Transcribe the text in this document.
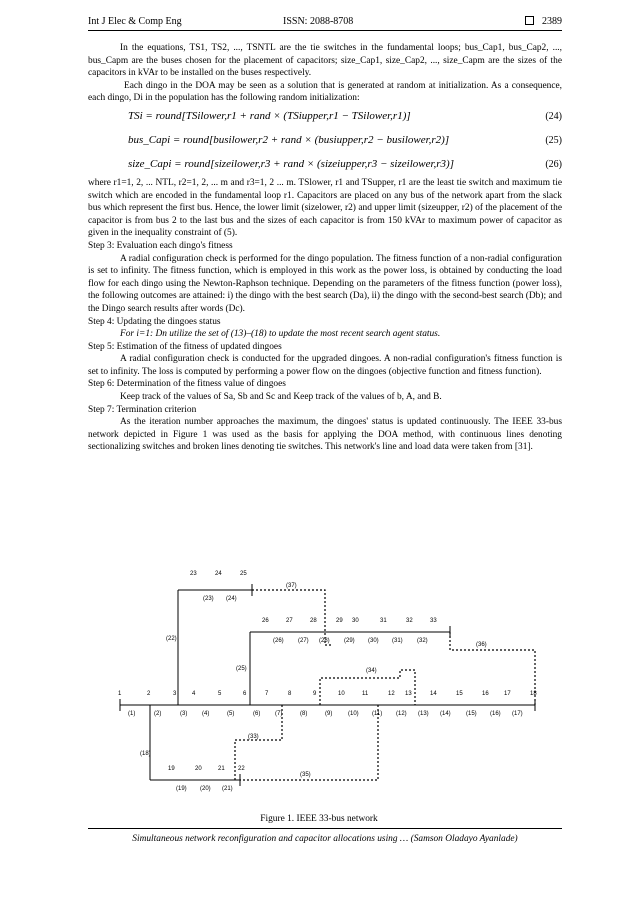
Int J Elec & Comp Eng	ISSN: 2088-8708	2389

In the equations, TS1, TS2, ..., TSNTL are the tie switches in the fundamental loops; bus_Cap1, bus_Cap2, ..., bus_Capm are the buses chosen for the placement of capacitors; size_Cap1, size_Cap2, ..., size_Capm are the sizes of the capacitors in kVAr to be installed on the buses respectively.

Each dingo in the DOA may be seen as a solution that is generated at random at initialization. As a consequence, each dingo, Di in the population has the following random initialization:

TSi = round[TSilower,r1 + rand × (TSiupper,r1 − TSilower,r1)]	(24)
bus_Capi = round[busilower,r2 + rand × (busiupper,r2 − busilower,r2)]	(25)
size_Capi = round[sizeilower,r3 + rand × (sizeiupper,r3 − sizeilower,r3)]	(26)

where r1=1, 2, ... NTL, r2=1, 2, ... m and r3=1, 2 ... m. TSlower, r1 and TSupper, r1 are the least tie switch and maximum tie switch which are encoded in the fundamental loop r1. Capacitors are placed on any bus of the network apart from the slack bus which represent the first bus. Hence, the lower limit (sizelower, r2) and upper limit (sizeupper, r2) of the placement of the capacitor is from bus 2 to the last bus and the sizes of each capacitor is from 150 kVAr to maximum power of capacitor as given in the inequality constraint of (5).

Step 3: Evaluation each dingo's fitness

A radial configuration check is performed for the dingo population. The fitness function of a non-radial configuration is set to infinity. The fitness function, which is employed in this work as the power loss, is obtained by conducting the load flow for each dingo using the Newton-Raphson technique. Depending on the parameters of the fitness function (power loss), the following outcomes are attained: i) the dingo with the best search (Da), ii) the dingo with the second-best search (Db); and the Dingo search results after words (Dc).

Step 4: Updating the dingoes status

For i=1: Dn utilize the set of (13)–(18) to update the most recent search agent status.

Step 5: Estimation of the fitness of updated dingoes

A radial configuration check is conducted for the upgraded dingoes. A non-radial configuration's fitness function is set to infinity. The loss is computed by performing a power flow on the dingoes (objective function and fitness function).

Step 6: Determination of the fitness value of dingoes

Keep track of the values of Sa, Sb and Sc and Keep track of the values of b, A, and B.

Step 7: Termination criterion

As the iteration number approaches the maximum, the dingoes' status is updated continuously. The IEEE 33-bus network depicted in Figure 1 was used as the basis for applying the DOA method, with continuous lines denoting sectionalizing switches and broken lines denoting tie switches. This network's line and load data were taken from [31].

1	2	3	4	5	6	7	8	9	10	11	12 13	14	15	16	17	18
19	20	21 22
23	24	25
26	27	28	29 30	31	32	33
(1)	(2)	(3) (4)	(5)	(6) (7)	(8)	(9)	(10) (11) (12) (13) (14)	(15) (16) (17)
(18)
(19) (20) (21)
(22)
(23) (24)
(25)
(26) (27) (28) (29) (30) (31) (32)
(33)
(34)
(35)
(36)
(37)
Figure 1. IEEE 33-bus network
Simultaneous network reconfiguration and capacitor allocations using … (Samson Oladayo Ayanlade)
